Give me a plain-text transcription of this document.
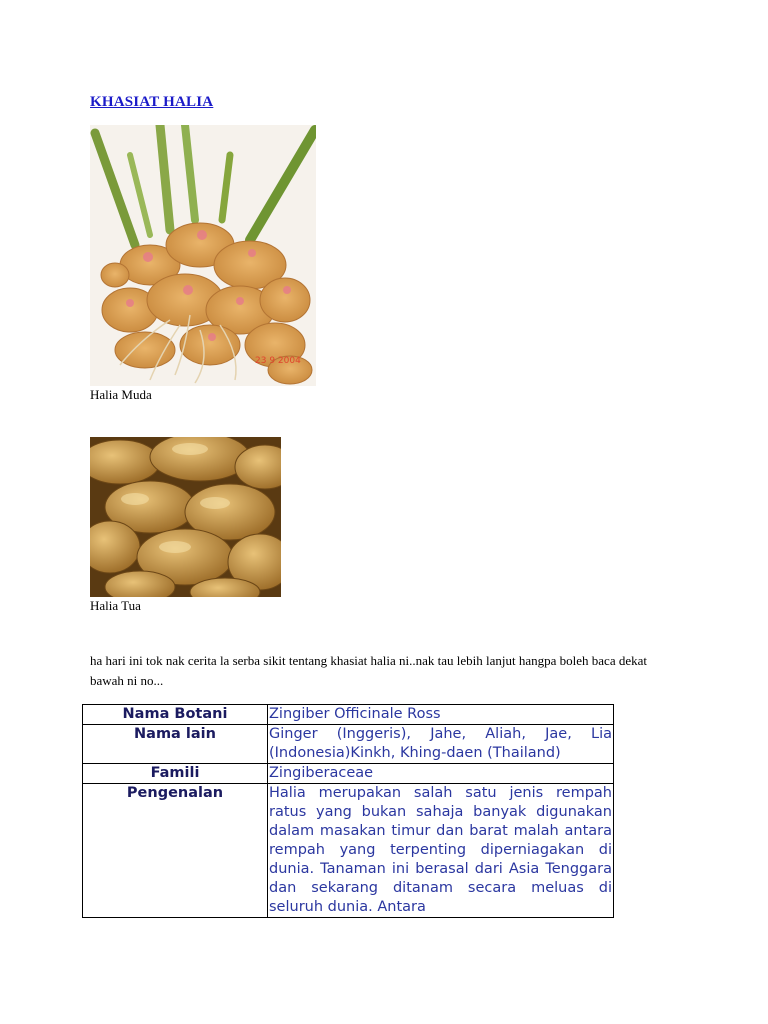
KHASIAT HALIA
23 9 2004
Halia Muda
Halia Tua
ha hari ini tok nak cerita la serba sikit tentang khasiat halia ni..nak tau lebih lanjut hangpa boleh baca dekat bawah ni no...
Nama Botani	Zingiber Officinale Ross
Nama lain	Ginger (Inggeris), Jahe, Aliah, Jae, Lia (Indonesia)Kinkh, Khing-daen (Thailand)
Famili	Zingiberaceae
Pengenalan	Halia merupakan salah satu jenis rempah ratus yang bukan sahaja banyak digunakan dalam masakan timur dan barat malah antara rempah yang terpenting diperniagakan di dunia. Tanaman ini berasal dari Asia Tenggara dan sekarang ditanam secara meluas di seluruh dunia. Antara
